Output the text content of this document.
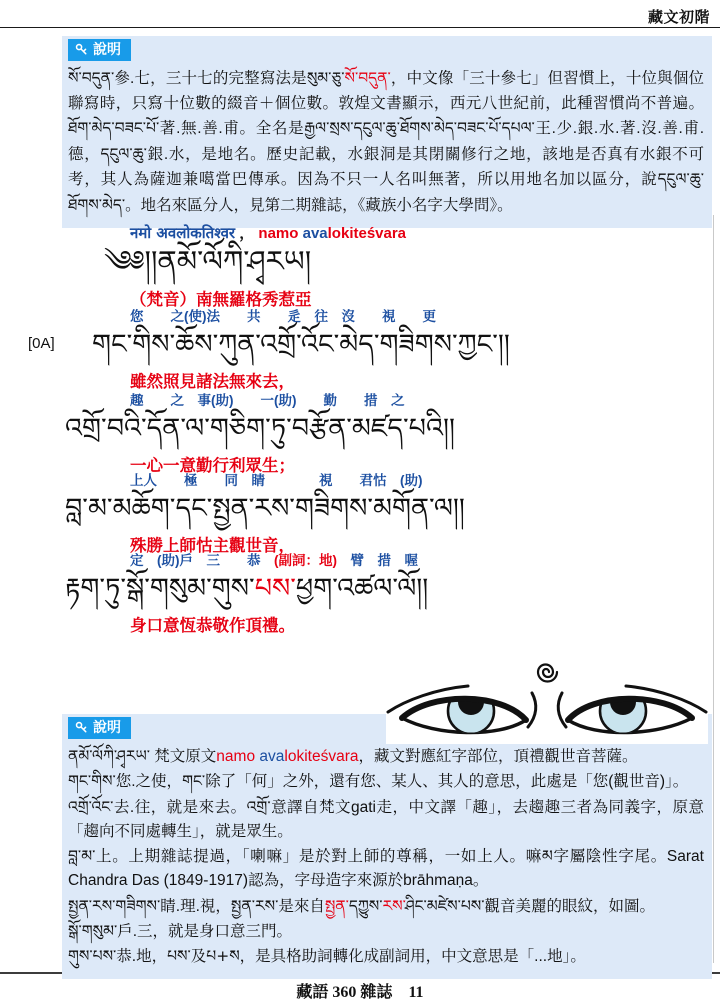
藏文初階
說明
སོ་བདུན་參.七，三十七的完整寫法是སུམ་ཅུ་སོ་བདུན་，中文像「三十參七」但習慣上，十位與個位聯寫時，只寫十位數的綴音＋個位數。敦煌文書顯示，西元八世紀前，此種習慣尚不普遍。ཐོག་མེད་བཟང་པོ་著.無.善.甫。全名是རྒྱལ་སྲས་དངུལ་ཆུ་ཐོགས་མེད་བཟང་པོ་དཔལ་王.少.銀.水.著.沒.善.甫.德，དངུལ་ཆུ་銀.水，是地名。歷史記載，水銀洞是其閉關修行之地，該地是否真有水銀不可考，其人為薩迦兼噶當巴傳承。因為不只一人名叫無著，所以用地名加以區分，說དངུལ་ཆུ་ཐོགས་མེད་。地名來區分人，見第二期雜誌，《藏族小名字大學問》。
नमो अवलोकतिश्वर ， namo avalokiteśvara
༄༅།།ནམོ་ལོཀི་ཤྭརཡ།
（梵音）南無羅格秀惹亞
您　　之(使)法　　共　　辵　往　沒　　視　　更
[0A] གང་གིས་ཆོས་ཀུན་འགྲོ་འོང་མེད་གཟིགས་ཀྱང་།།
雖然照見諸法無來去，
趣　　之　事(助)　　一(助)　　勤　　措　之
འགྲོ་བའི་དོན་ལ་གཅིག་ཏུ་བརྩོན་མཛད་པའི།།
一心一意勤行利眾生；
上人　　極　　同　睛　　　　視　　君怙　(助)
བླ་མ་མཆོག་དང་སྤྱན་རས་གཟིགས་མགོན་ལ།།
殊勝上師怙主觀世音，
定　(助)戶　三　　恭　(副詞：地)　臂　措　喔
རྟག་ཏུ་སྒོ་གསུམ་གུས་པས་ཕྱག་འཚལ་ལོ།།
身口意恆恭敬作頂禮。
說明
ནམོ་ལོཀི་ཤྭརཡ་ 梵文原文namo avalokiteśvara，藏文對應紅字部位，頂禮觀世音菩薩。
གང་གིས་您.之使，གང་除了「何」之外，還有您、某人、其人的意思，此處是「您(觀世音)」。
འགྲོ་འོང་去.往，就是來去。འགྲོ་意譯自梵文gati走，中文譯「趣」，去趨趣三者為同義字，原意「趨向不同處轉生」，就是眾生。
བླ་མ་上。上期雜誌提過，「喇嘛」是於對上師的尊稱，一如上人。嘛མ字屬陰性字尾。Sarat Chandra Das (1849-1917)認為，字母造字來源於brāhmaṇa。
སྤྱན་རས་གཟིགས་睛.理.視，སྤྱན་རས་是來自སྤྱན་དཀྱུས་རས་ཤིང་མཛེས་པས་觀音美麗的眼紋，如圖。
སྒོ་གསུམ་戶.三，就是身口意三門。
གུས་པས་恭.地，པས་及པ+ས，是具格助詞轉化成副詞用，中文意思是「...地」。
藏語 360 雜誌 11
